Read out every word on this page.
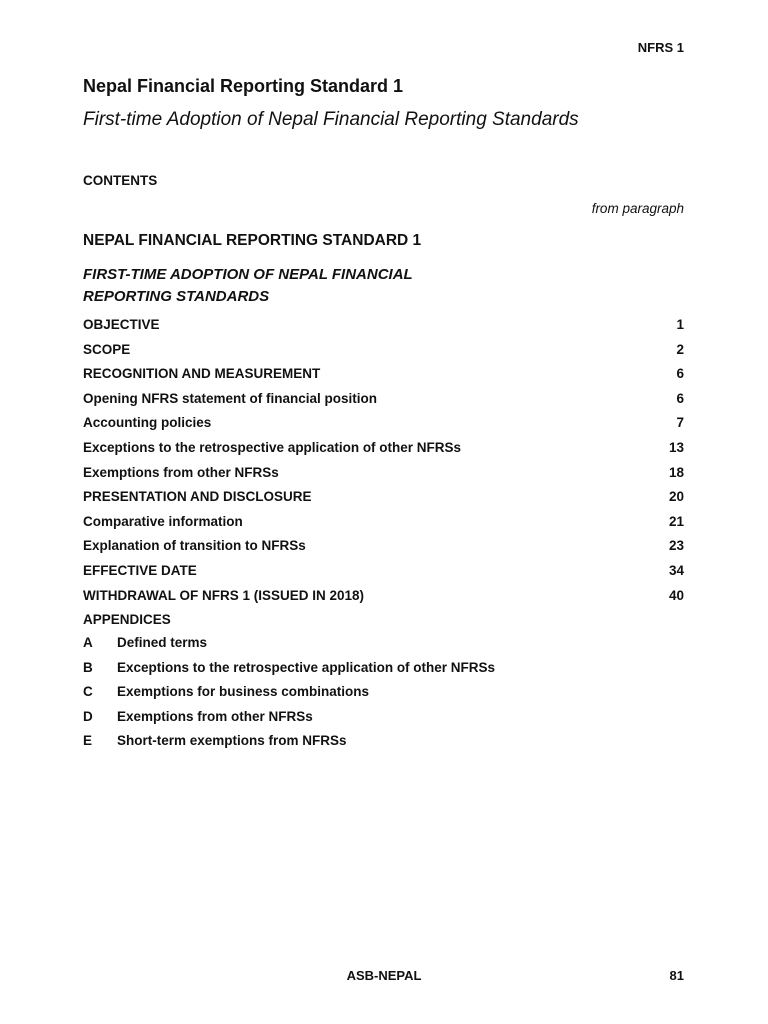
NFRS 1
Nepal Financial Reporting Standard 1
First-time Adoption of Nepal Financial Reporting Standards
CONTENTS
from paragraph
NEPAL FINANCIAL REPORTING STANDARD 1
FIRST-TIME ADOPTION OF NEPAL FINANCIAL
REPORTING STANDARDS
OBJECTIVE	1
SCOPE	2
RECOGNITION AND MEASUREMENT	6
Opening NFRS statement of financial position	6
Accounting policies	7
Exceptions to the retrospective application of other NFRSs	13
Exemptions from other NFRSs	18
PRESENTATION AND DISCLOSURE	20
Comparative information	21
Explanation of transition to NFRSs	23
EFFECTIVE DATE	34
WITHDRAWAL OF NFRS 1 (ISSUED IN 2018)	40
APPENDICES
A	Defined terms
B	Exceptions to the retrospective application of other NFRSs
C	Exemptions for business combinations
D	Exemptions from other NFRSs
E	Short-term exemptions from NFRSs
ASB-NEPAL	81
